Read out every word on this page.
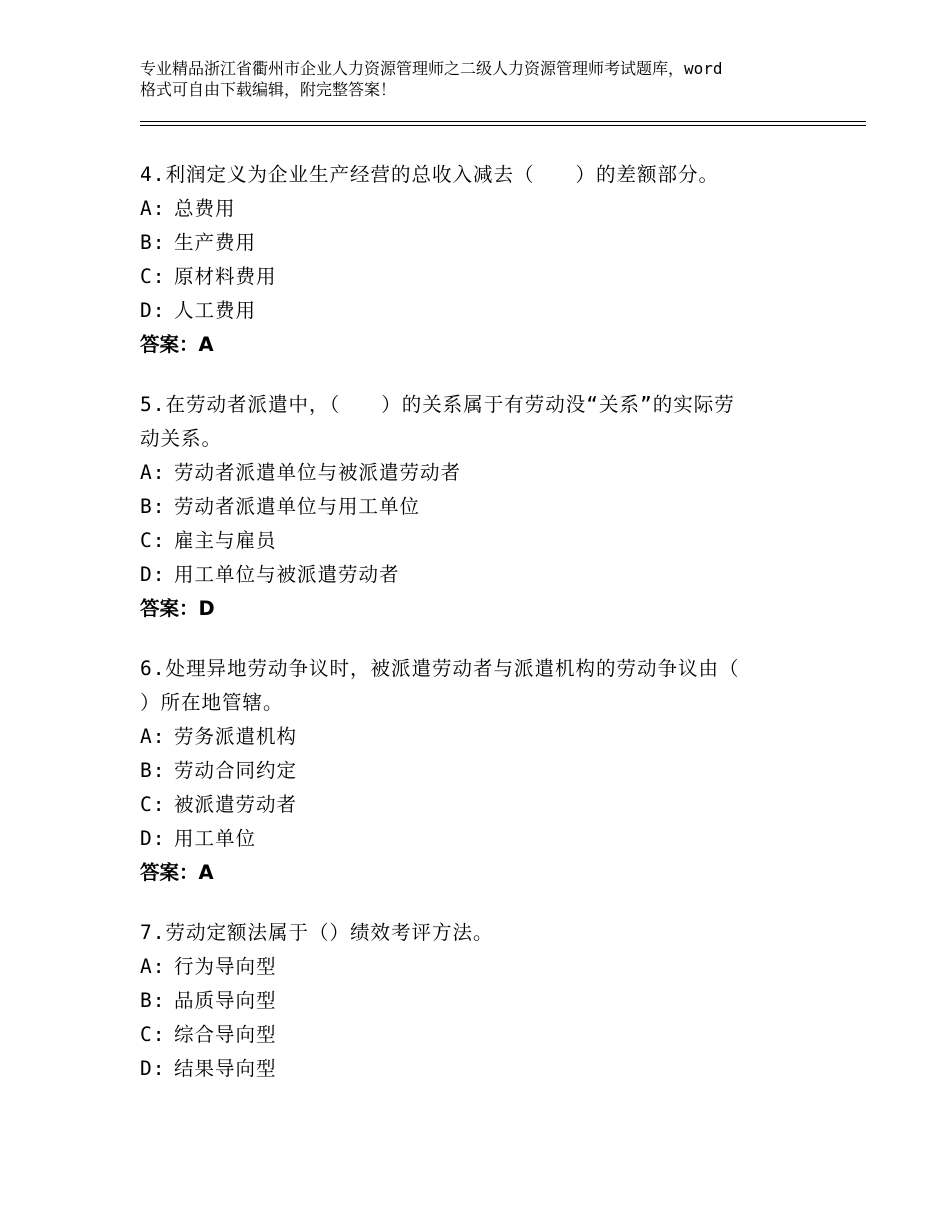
专业精品浙江省衢州市企业人力资源管理师之二级人力资源管理师考试题库，word
格式可自由下载编辑，附完整答案！
4.利润定义为企业生产经营的总收入减去（　　）的差额部分。
A: 总费用
B: 生产费用
C: 原材料费用
D: 人工费用
答案：A
5.在劳动者派遣中，（　　）的关系属于有劳动没“关系”的实际劳
动关系。
A: 劳动者派遣单位与被派遣劳动者
B: 劳动者派遣单位与用工单位
C: 雇主与雇员
D: 用工单位与被派遣劳动者
答案：D
6.处理异地劳动争议时，被派遣劳动者与派遣机构的劳动争议由（
）所在地管辖。
A: 劳务派遣机构
B: 劳动合同约定
C: 被派遣劳动者
D: 用工单位
答案：A
7.劳动定额法属于（）绩效考评方法。
A: 行为导向型
B: 品质导向型
C: 综合导向型
D: 结果导向型
